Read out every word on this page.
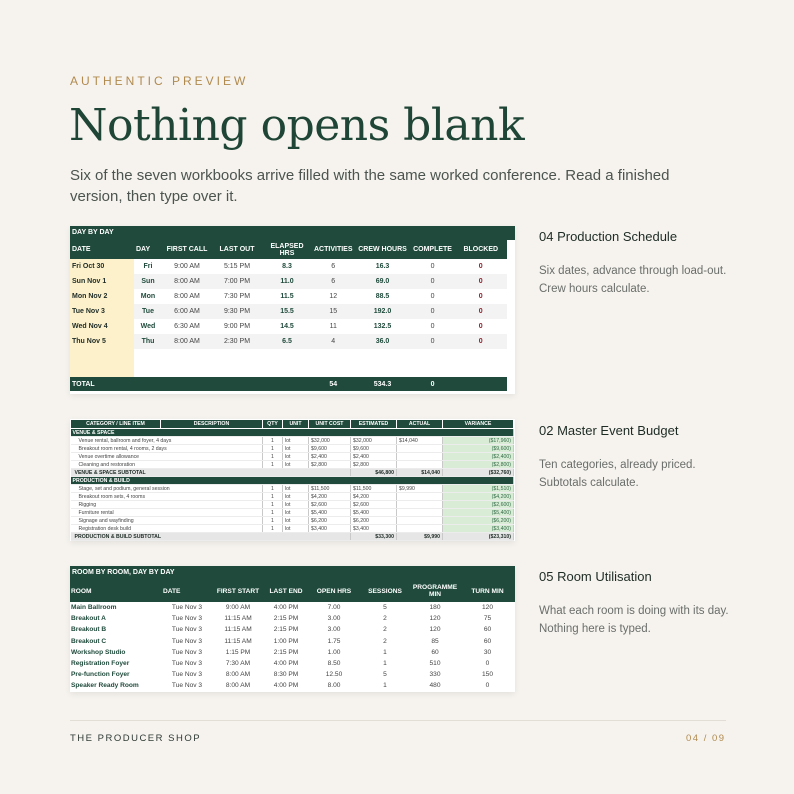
AUTHENTIC PREVIEW
Nothing opens blank
Six of the seven workbooks arrive filled with the same worked conference. Read a finished version, then type over it.
DAY BY DAY
DATE	DAY	FIRST CALL	LAST OUT	ELAPSED HRS	ACTIVITIES	CREW HOURS	COMPLETE	BLOCKED
Fri Oct 30	Fri	9:00 AM	5:15 PM	8.3	6	16.3	0	0
Sun Nov 1	Sun	8:00 AM	7:00 PM	11.0	6	69.0	0	0
Mon Nov 2	Mon	8:00 AM	7:30 PM	11.5	12	88.5	0	0
Tue Nov 3	Tue	6:00 AM	9:30 PM	15.5	15	192.0	0	0
Wed Nov 4	Wed	6:30 AM	9:00 PM	14.5	11	132.5	0	0
Thu Nov 5	Thu	8:00 AM	2:30 PM	6.5	4	36.0	0	0

TOTAL					54	534.3	0	
04 Production Schedule
Six dates, advance through load-out. Crew hours calculate.
CATEGORY / LINE ITEM	DESCRIPTION	QTY	UNIT	UNIT COST	ESTIMATED	ACTUAL	VARIANCE
VENUE & SPACE							
Venue rental, ballroom and foyer, 4 days		1	lot	$32,000	$32,000	$14,040	($17,960)
Breakout room rental, 4 rooms, 2 days		1	lot	$9,600	$9,600		($9,600)
Venue overtime allowance		1	lot	$2,400	$2,400		($2,400)
Cleaning and restoration		1	lot	$2,800	$2,800		($2,800)
VENUE & SPACE SUBTOTAL					$46,800	$14,040	($32,760)
PRODUCTION & BUILD							
Stage, set and podium, general session		1	lot	$11,500	$11,500	$9,990	($1,510)
Breakout room sets, 4 rooms		1	lot	$4,200	$4,200		($4,200)
Rigging		1	lot	$2,600	$2,600		($2,600)
Furniture rental		1	lot	$5,400	$5,400		($5,400)
Signage and wayfinding		1	lot	$6,200	$6,200		($6,200)
Registration desk build		1	lot	$3,400	$3,400		($3,400)
PRODUCTION & BUILD SUBTOTAL					$33,300	$9,990	($23,310)
02 Master Event Budget
Ten categories, already priced. Subtotals calculate.
ROOM BY ROOM, DAY BY DAY
ROOM	DATE	FIRST START	LAST END	OPEN HRS	SESSIONS	PROGRAMME MIN	TURN MIN
Main Ballroom	Tue Nov 3	9:00 AM	4:00 PM	7.00	5	180	120
Breakout A	Tue Nov 3	11:15 AM	2:15 PM	3.00	2	120	75
Breakout B	Tue Nov 3	11:15 AM	2:15 PM	3.00	2	120	60
Breakout C	Tue Nov 3	11:15 AM	1:00 PM	1.75	2	85	60
Workshop Studio	Tue Nov 3	1:15 PM	2:15 PM	1.00	1	60	30
Registration Foyer	Tue Nov 3	7:30 AM	4:00 PM	8.50	1	510	0
Pre-function Foyer	Tue Nov 3	8:00 AM	8:30 PM	12.50	5	330	150
Speaker Ready Room	Tue Nov 3	8:00 AM	4:00 PM	8.00	1	480	0
05 Room Utilisation
What each room is doing with its day. Nothing here is typed.
THE PRODUCER SHOP	04 / 09
